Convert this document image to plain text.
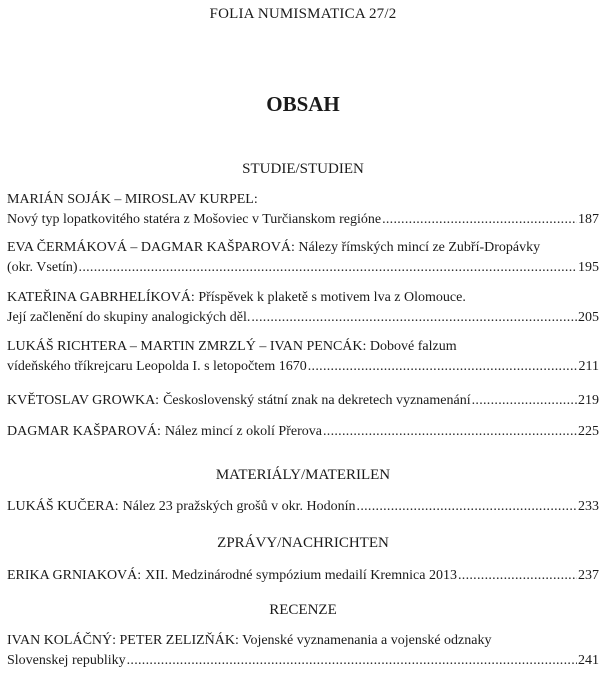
FOLIA NUMISMATICA 27/2
OBSAH
STUDIE/STUDIEN
MARIÁN SOJÁK – MIROSLAV KURPEL:
Nový typ lopatkovitého statéra z Mošoviec v Turčianskom regióne .....	187
EVA ČERMÁKOVÁ – DAGMAR KAŠPAROVÁ: Nálezy římských mincí ze Zubří-Dropávky
(okr. Vsetín) .....	195
KATEŘINA GABRHELÍKOVÁ: Příspěvek k plaketě s motivem lva z Olomouce.
Její začlenění do skupiny analogických děl. .....	205
LUKÁŠ RICHTERA – MARTIN ZMRZLÝ – IVAN PENCÁK: Dobové falzum
vídeňského tříkrejcaru Leopolda I. s letopočtem 1670 .....	211
KVĚTOSLAV GROWKA: Československý státní znak na dekretech vyznamenání .....	219
DAGMAR KAŠPAROVÁ: Nález mincí z okolí Přerova .....	225
MATERIÁLY/MATERILEN
LUKÁŠ KUČERA: Nález 23 pražských grošů v okr. Hodonín .....	233
ZPRÁVY/NACHRICHTEN
ERIKA GRNIAKOVÁ: XII. Medzinárodné sympózium medailí Kremnica 2013 .....	237
RECENZE
IVAN KOLÁČNÝ: PETER ZELIZŇÁK: Vojenské vyznamenania a vojenské odznaky
Slovenskej republiky .....	241
